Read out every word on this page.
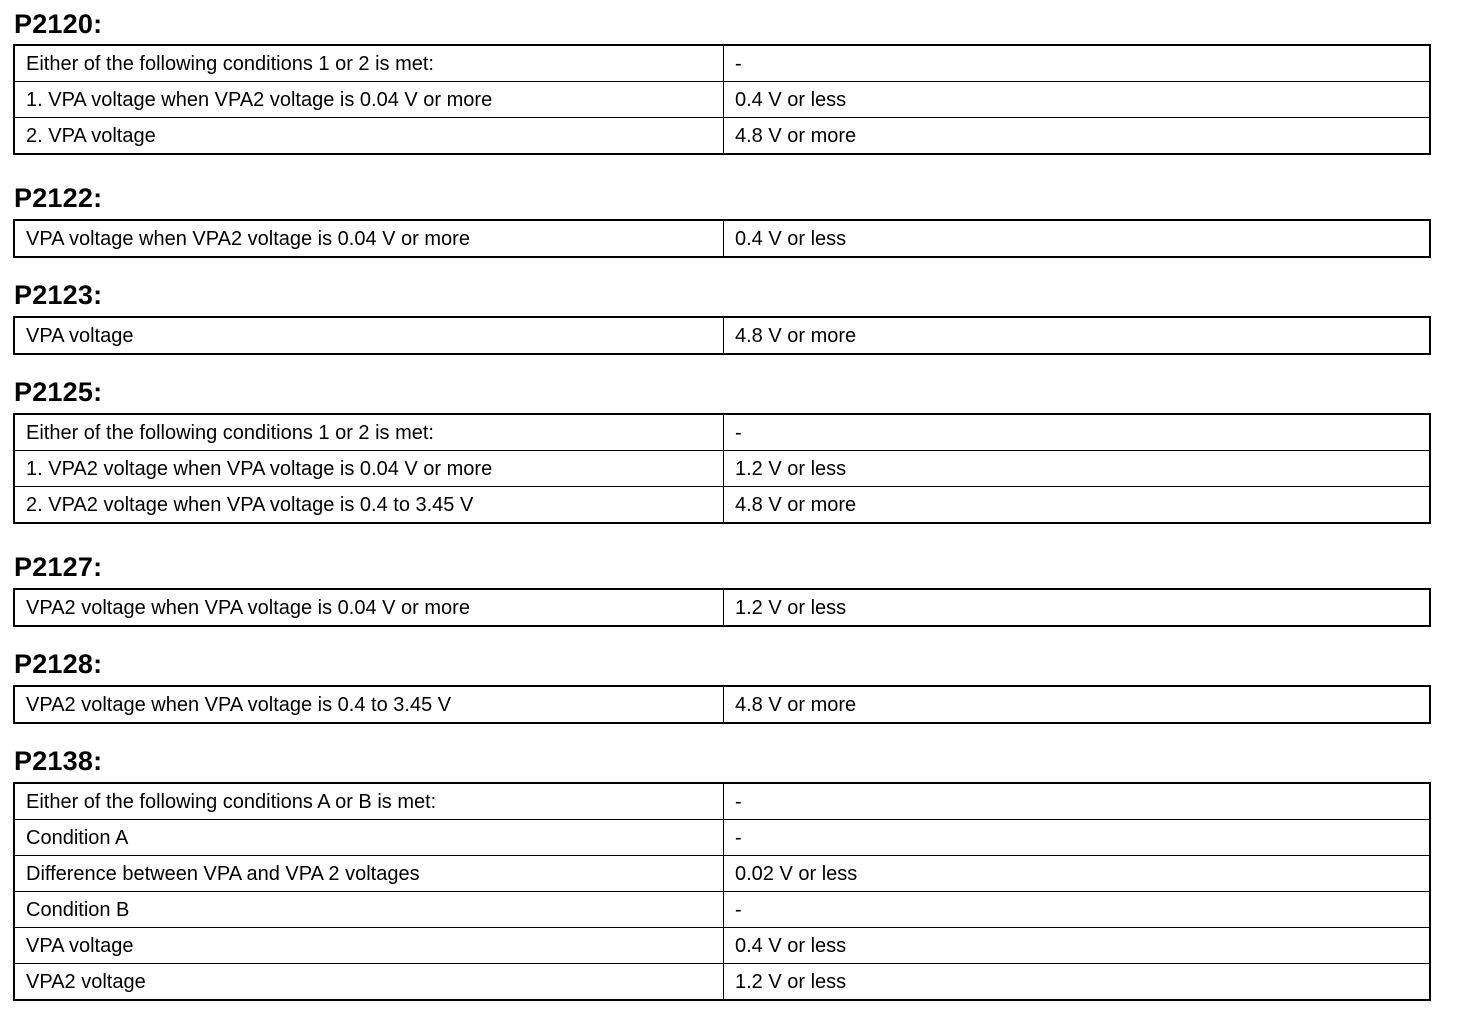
P2120:
Either of the following conditions 1 or 2 is met:	-
1. VPA voltage when VPA2 voltage is 0.04 V or more	0.4 V or less
2. VPA voltage	4.8 V or more
P2122:
VPA voltage when VPA2 voltage is 0.04 V or more	0.4 V or less
P2123:
VPA voltage	4.8 V or more
P2125:
Either of the following conditions 1 or 2 is met:	-
1. VPA2 voltage when VPA voltage is 0.04 V or more	1.2 V or less
2. VPA2 voltage when VPA voltage is 0.4 to 3.45 V	4.8 V or more
P2127:
VPA2 voltage when VPA voltage is 0.04 V or more	1.2 V or less
P2128:
VPA2 voltage when VPA voltage is 0.4 to 3.45 V	4.8 V or more
P2138:
Either of the following conditions A or B is met:	-
Condition A	-
Difference between VPA and VPA 2 voltages	0.02 V or less
Condition B	-
VPA voltage	0.4 V or less
VPA2 voltage	1.2 V or less
